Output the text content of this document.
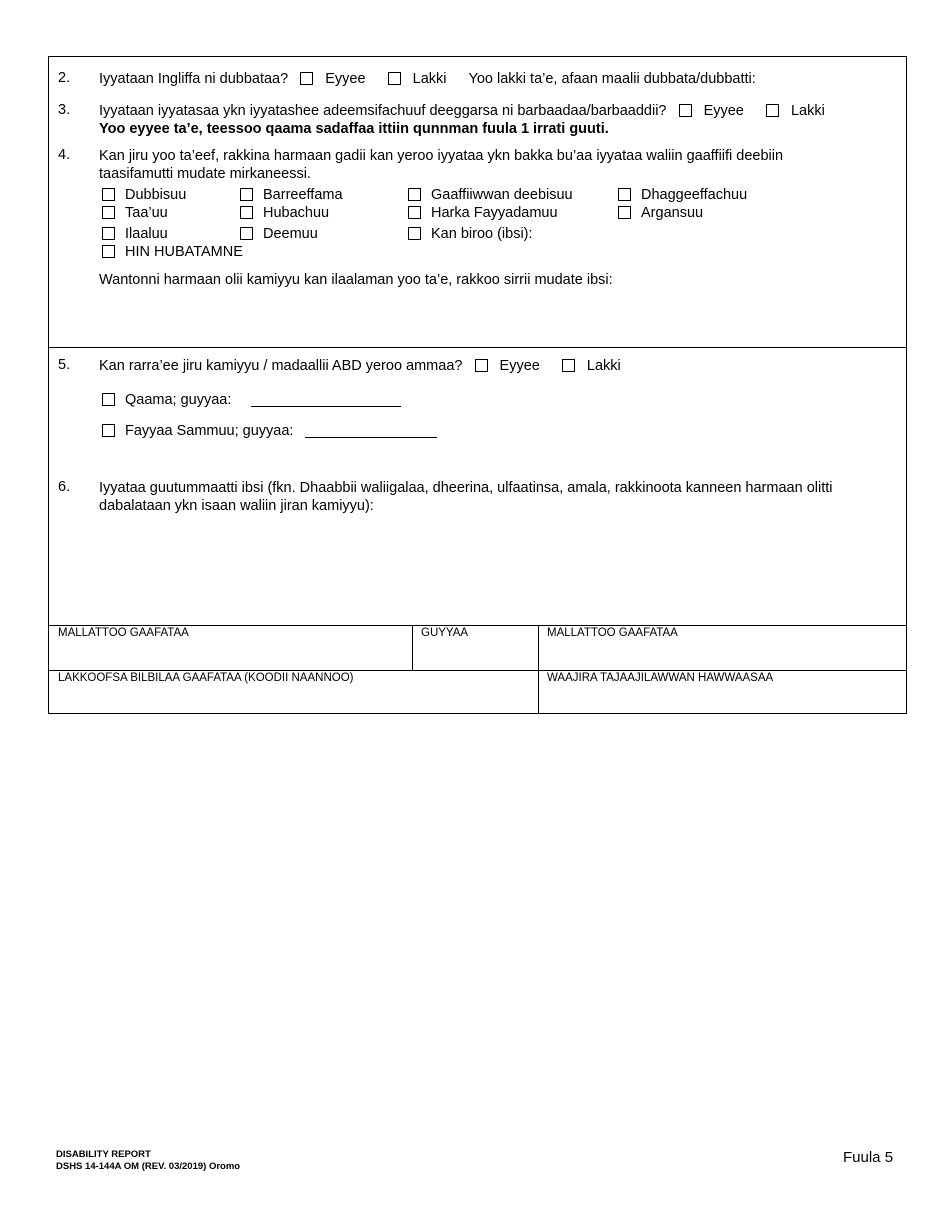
2. Iyyataan Ingliffa ni dubbataa?	Eyyee	Lakki Yoo lakki ta’e, afaan maalii dubbata/dubbatti:
3. Iyyataan iyyatasaa ykn iyyatashee adeemsifachuuf deeggarsa ni barbaadaa/barbaaddii?	Eyyee	Lakki
Yoo eyyee ta’e, teessoo qaama sadaffaa ittiin qunnman fuula 1 irrati guuti.
4. Kan jiru yoo ta’eef, rakkina harmaan gadii kan yeroo iyyataa ykn bakka bu’aa iyyataa waliin gaaffiifi deebiin
taasifamutti mudate mirkaneessi.
Dubbisuu	Barreeffama	Gaaffiiwwan deebisuu	Dhaggeeffachuu
Taa’uu	Hubachuu	Harka Fayyadamuu	Argansuu
Ilaaluu	Deemuu	Kan biroo (ibsi):
HIN HUBATAMNE
Wantonni harmaan olii kamiyyu kan ilaalaman yoo ta’e, rakkoo sirrii mudate ibsi:
5. Kan rarra’ee jiru kamiyyu / madaallii ABD yeroo ammaa?	Eyyee	Lakki
Qaama; guyyaa:
Fayyaa Sammuu; guyyaa:
6. Iyyataa guutummaatti ibsi (fkn. Dhaabbii waliigalaa, dheerina, ulfaatinsa, amala, rakkinoota kanneen harmaan olitti
dabalataan ykn isaan waliin jiran kamiyyu):
MALLATTOO GAAFATAA	GUYYAA	MALLATTOO GAAFATAA
LAKKOOFSA BILBILAA GAAFATAA (KOODII NAANNOO)	WAAJIRA TAJAAJILAWWAN HAWWAASAA
DISABILITY REPORT
DSHS 14-144A OM (REV. 03/2019) Oromo
Fuula 5
